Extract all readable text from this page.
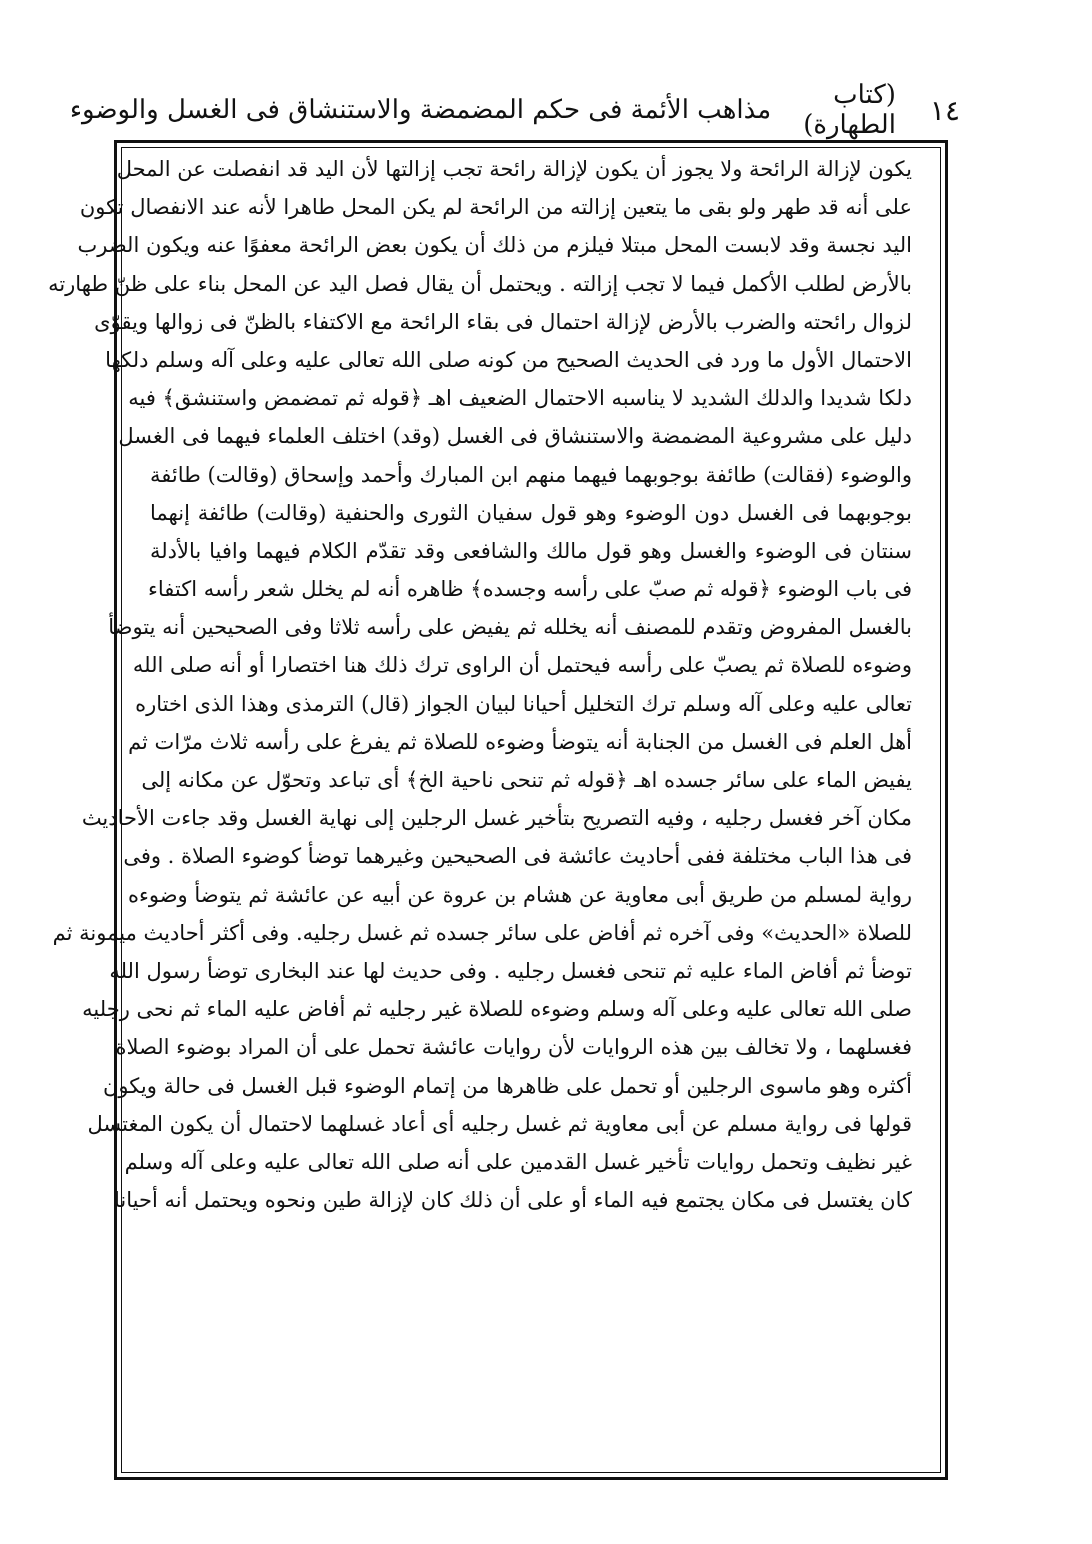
١٤
(كتاب الطهارة)
مذاهب الأئمة فى حكم المضمضة والاستنشاق فى الغسل والوضوء
يكون لإزالة الرائحة ولا يجوز أن يكون لإزالة رائحة تجب إزالتها لأن اليد قد انفصلت عن المحل
على أنه قد طهر ولو بقى ما يتعين إزالته من الرائحة لم يكن المحل طاهرا لأنه عند الانفصال تكون
اليد نجسة وقد لابست المحل مبتلا فيلزم من ذلك أن يكون بعض الرائحة معفوًا عنه ويكون الضرب
بالأرض لطلب الأكمل فيما لا تجب إزالته . ويحتمل أن يقال فصل اليد عن المحل بناء على ظنّ طهارته
لزوال رائحته والضرب بالأرض لإزالة احتمال فى بقاء الرائحة مع الاكتفاء بالظنّ فى زوالها ويقوّى
الاحتمال الأول ما ورد فى الحديث الصحيح من كونه صلى الله تعالى عليه وعلى آله وسلم دلكها
دلكا شديدا والدلك الشديد لا يناسبه الاحتمال الضعيف اهـ ﴿قوله ثم تمضمض واستنشق﴾ فيه
دليل على مشروعية المضمضة والاستنشاق فى الغسل (وقد) اختلف العلماء فيهما فى الغسل
والوضوء (فقالت) طائفة بوجوبهما فيهما منهم ابن المبارك وأحمد وإسحاق (وقالت) طائفة
بوجوبهما فى الغسل دون الوضوء وهو قول سفيان الثورى والحنفية (وقالت) طائفة إنهما
سنتان فى الوضوء والغسل وهو قول مالك والشافعى وقد تقدّم الكلام فيهما وافيا بالأدلة
فى باب الوضوء ﴿قوله ثم صبّ على رأسه وجسده﴾ ظاهره أنه لم يخلل شعر رأسه اكتفاء
بالغسل المفروض وتقدم للمصنف أنه يخلله ثم يفيض على رأسه ثلاثا وفى الصحيحين أنه يتوضأ
وضوءه للصلاة ثم يصبّ على رأسه فيحتمل أن الراوى ترك ذلك هنا اختصارا أو أنه صلى الله
تعالى عليه وعلى آله وسلم ترك التخليل أحيانا لبيان الجواز (قال) الترمذى وهذا الذى اختاره
أهل العلم فى الغسل من الجنابة أنه يتوضأ وضوءه للصلاة ثم يفرغ على رأسه ثلاث مرّات ثم
يفيض الماء على سائر جسده اهـ ﴿قوله ثم تنحى ناحية الخ﴾ أى تباعد وتحوّل عن مكانه إلى
مكان آخر فغسل رجليه ، وفيه التصريح بتأخير غسل الرجلين إلى نهاية الغسل وقد جاءت الأحاديث
فى هذا الباب مختلفة ففى أحاديث عائشة فى الصحيحين وغيرهما توضأ كوضوء الصلاة . وفى
رواية لمسلم من طريق أبى معاوية عن هشام بن عروة عن أبيه عن عائشة ثم يتوضأ وضوءه
للصلاة «الحديث» وفى آخره ثم أفاض على سائر جسده ثم غسل رجليه. وفى أكثر أحاديث ميمونة ثم
توضأ ثم أفاض الماء عليه ثم تنحى فغسل رجليه . وفى حديث لها عند البخارى توضأ رسول الله
صلى الله تعالى عليه وعلى آله وسلم وضوءه للصلاة غير رجليه ثم أفاض عليه الماء ثم نحى رجليه
فغسلهما ، ولا تخالف بين هذه الروايات لأن روايات عائشة تحمل على أن المراد بوضوء الصلاة
أكثره وهو ماسوى الرجلين أو تحمل على ظاهرها من إتمام الوضوء قبل الغسل فى حالة ويكون
قولها فى رواية مسلم عن أبى معاوية ثم غسل رجليه أى أعاد غسلهما لاحتمال أن يكون المغتسل
غير نظيف وتحمل روايات تأخير غسل القدمين على أنه صلى الله تعالى عليه وعلى آله وسلم
كان يغتسل فى مكان يجتمع فيه الماء أو على أن ذلك كان لإزالة طين ونحوه ويحتمل أنه أحيانا
